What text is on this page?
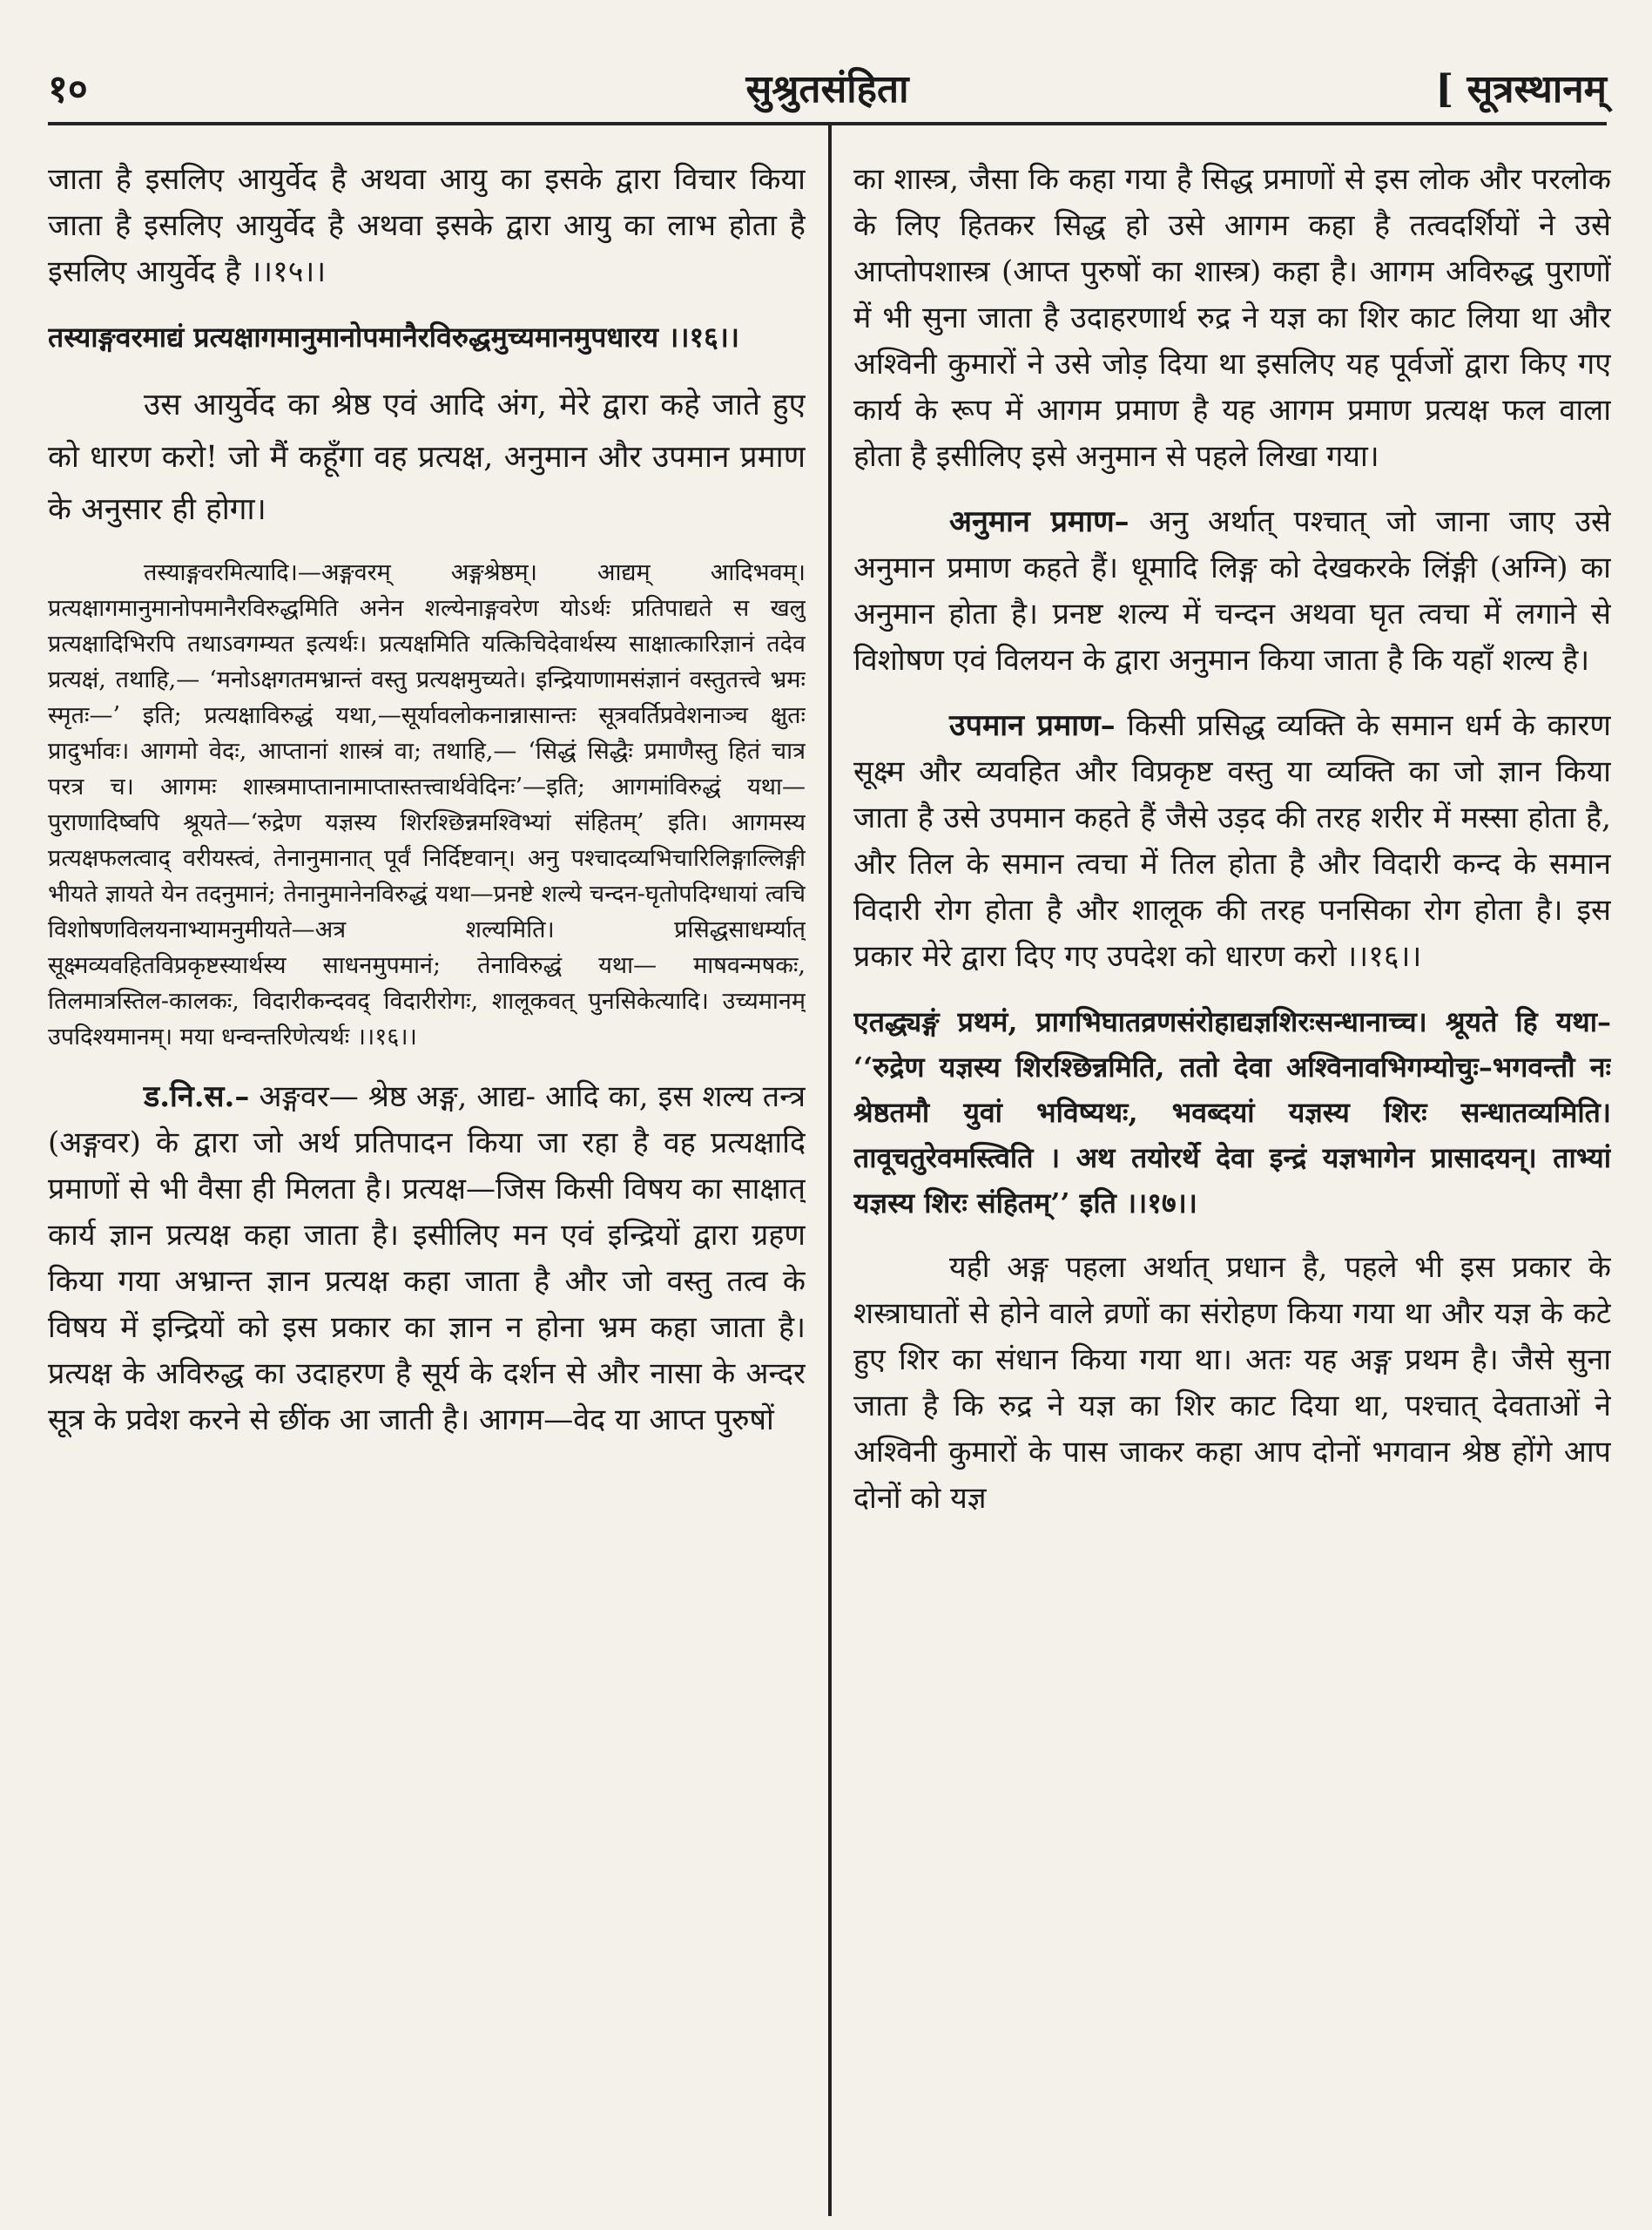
सुश्रुतसंहिता
१०	[ सूत्रस्थानम्

जाता है इसलिए आयुर्वेद है अथवा आयु का इसके द्वारा विचार किया जाता है इसलिए आयुर्वेद है अथवा इसके द्वारा आयु का लाभ होता है इसलिए आयुर्वेद है ।।१५।।

तस्याङ्गवरमाद्यं प्रत्यक्षागमानुमानोपमानैरविरुद्धमुच्यमानमुपधारय ।।१६।।

उस आयुर्वेद का श्रेष्ठ एवं आदि अंग, मेरे द्वारा कहे जाते हुए को धारण करो! जो मैं कहूँगा वह प्रत्यक्ष, अनुमान और उपमान प्रमाण के अनुसार ही होगा।

तस्याङ्गवरमित्यादि।—अङ्गवरम् अङ्गश्रेष्ठम्। आद्यम् आदिभवम्। प्रत्यक्षागमानुमानोपमानैरविरुद्धमिति अनेन शल्येनाङ्गवरेण योऽर्थः प्रतिपाद्यते स खलु प्रत्यक्षादिभिरपि तथाऽवगम्यत इत्यर्थः। प्रत्यक्षमिति यत्किचिदेवार्थस्य साक्षात्कारिज्ञानं तदेव प्रत्यक्षं, तथाहि,— ‘मनोऽक्षगतमभ्रान्तं वस्तु प्रत्यक्षमुच्यते। इन्द्रियाणामसंज्ञानं वस्तुतत्त्वे भ्रमः स्मृतः—’ इति; प्रत्यक्षाविरुद्धं यथा,—सूर्यावलोकनान्नासान्तः सूत्रवर्तिप्रवेशनाञ्च क्षुतः प्रादुर्भावः। आगमो वेदः, आप्तानां शास्त्रं वा; तथाहि,— ‘सिद्धं सिद्धैः प्रमाणैस्तु हितं चात्र परत्र च। आगमः शास्त्रमाप्तानामाप्तास्तत्त्वार्थवेदिनः’—इति; आगमांविरुद्धं यथा— पुराणादिष्वपि श्रूयते—‘रुद्रेण यज्ञस्य शिरश्छिन्नमश्विभ्यां संहितम्’ इति। आगमस्य प्रत्यक्षफलत्वाद् वरीयस्त्वं, तेनानुमानात् पूर्वं निर्दिष्टवान्। अनु पश्चादव्यभिचारिलिङ्गाल्लिङ्गी भीयते ज्ञायते येन तदनुमानं; तेनानुमानेनविरुद्धं यथा—प्रनष्टे शल्ये चन्दन-घृतोपदिग्धायां त्वचि विशोषणविलयनाभ्यामनुमीयते—अत्र शल्यमिति। प्रसिद्धसाधर्म्यात् सूक्ष्मव्यवहितविप्रकृष्टस्यार्थस्य साधनमुपमानं; तेनाविरुद्धं यथा— माषवन्मषकः, तिलमात्रस्तिल-कालकः, विदारीकन्दवद् विदारीरोगः, शालूकवत् पुनसिकेत्यादि। उच्यमानम् उपदिश्यमानम्। मया धन्वन्तरिणेत्यर्थः ।।१६।।

ड.नि.स.– अङ्गवर— श्रेष्ठ अङ्ग, आद्य- आदि का, इस शल्य तन्त्र (अङ्गवर) के द्वारा जो अर्थ प्रतिपादन किया जा रहा है वह प्रत्यक्षादि प्रमाणों से भी वैसा ही मिलता है। प्रत्यक्ष—जिस किसी विषय का साक्षात् कार्य ज्ञान प्रत्यक्ष कहा जाता है। इसीलिए मन एवं इन्द्रियों द्वारा ग्रहण किया गया अभ्रान्त ज्ञान प्रत्यक्ष कहा जाता है और जो वस्तु तत्व के विषय में इन्द्रियों को इस प्रकार का ज्ञान न होना भ्रम कहा जाता है। प्रत्यक्ष के अविरुद्ध का उदाहरण है सूर्य के दर्शन से और नासा के अन्दर सूत्र के प्रवेश करने से छींक आ जाती है। आगम—वेद या आप्त पुरुषों

का शास्त्र, जैसा कि कहा गया है सिद्ध प्रमाणों से इस लोक और परलोक के लिए हितकर सिद्ध हो उसे आगम कहा है तत्वदर्शियों ने उसे आप्तोपशास्त्र (आप्त पुरुषों का शास्त्र) कहा है। आगम अविरुद्ध पुराणों में भी सुना जाता है उदाहरणार्थ रुद्र ने यज्ञ का शिर काट लिया था और अश्विनी कुमारों ने उसे जोड़ दिया था इसलिए यह पूर्वजों द्वारा किए गए कार्य के रूप में आगम प्रमाण है यह आगम प्रमाण प्रत्यक्ष फल वाला होता है इसीलिए इसे अनुमान से पहले लिखा गया।

अनुमान प्रमाण– अनु अर्थात् पश्चात् जो जाना जाए उसे अनुमान प्रमाण कहते हैं। धूमादि लिङ्ग को देखकरके लिंङ्गी (अग्नि) का अनुमान होता है। प्रनष्ट शल्य में चन्दन अथवा घृत त्वचा में लगाने से विशोषण एवं विलयन के द्वारा अनुमान किया जाता है कि यहाँ शल्य है।

उपमान प्रमाण– किसी प्रसिद्ध व्यक्ति के समान धर्म के कारण सूक्ष्म और व्यवहित और विप्रकृष्ट वस्तु या व्यक्ति का जो ज्ञान किया जाता है उसे उपमान कहते हैं जैसे उड़द की तरह शरीर में मस्सा होता है, और तिल के समान त्वचा में तिल होता है और विदारी कन्द के समान विदारी रोग होता है और शालूक की तरह पनसिका रोग होता है। इस प्रकार मेरे द्वारा दिए गए उपदेश को धारण करो ।।१६।।

एतद्ध्यङ्गं प्रथमं, प्रागभिघातव्रणसंरोहाद्यज्ञशिरःसन्धानाच्च। श्रूयते हि यथा– ‘‘रुद्रेण यज्ञस्य शिरश्छिन्नमिति, ततो देवा अश्विनावभिगम्योचुः–भगवन्तौ नः श्रेष्ठतमौ युवां भविष्यथः, भवब्दयां यज्ञस्य शिरः सन्धातव्यमिति। तावूचतुरेवमस्त्विति । अथ तयोरर्थे देवा इन्द्रं यज्ञभागेन प्रासादयन्। ताभ्यां यज्ञस्य शिरः संहितम्’’ इति ।।१७।।

यही अङ्ग पहला अर्थात् प्रधान है, पहले भी इस प्रकार के शस्त्राघातों से होने वाले व्रणों का संरोहण किया गया था और यज्ञ के कटे हुए शिर का संधान किया गया था। अतः यह अङ्ग प्रथम है। जैसे सुना जाता है कि रुद्र ने यज्ञ का शिर काट दिया था, पश्चात् देवताओं ने अश्विनी कुमारों के पास जाकर कहा आप दोनों भगवान श्रेष्ठ होंगे आप दोनों को यज्ञ
